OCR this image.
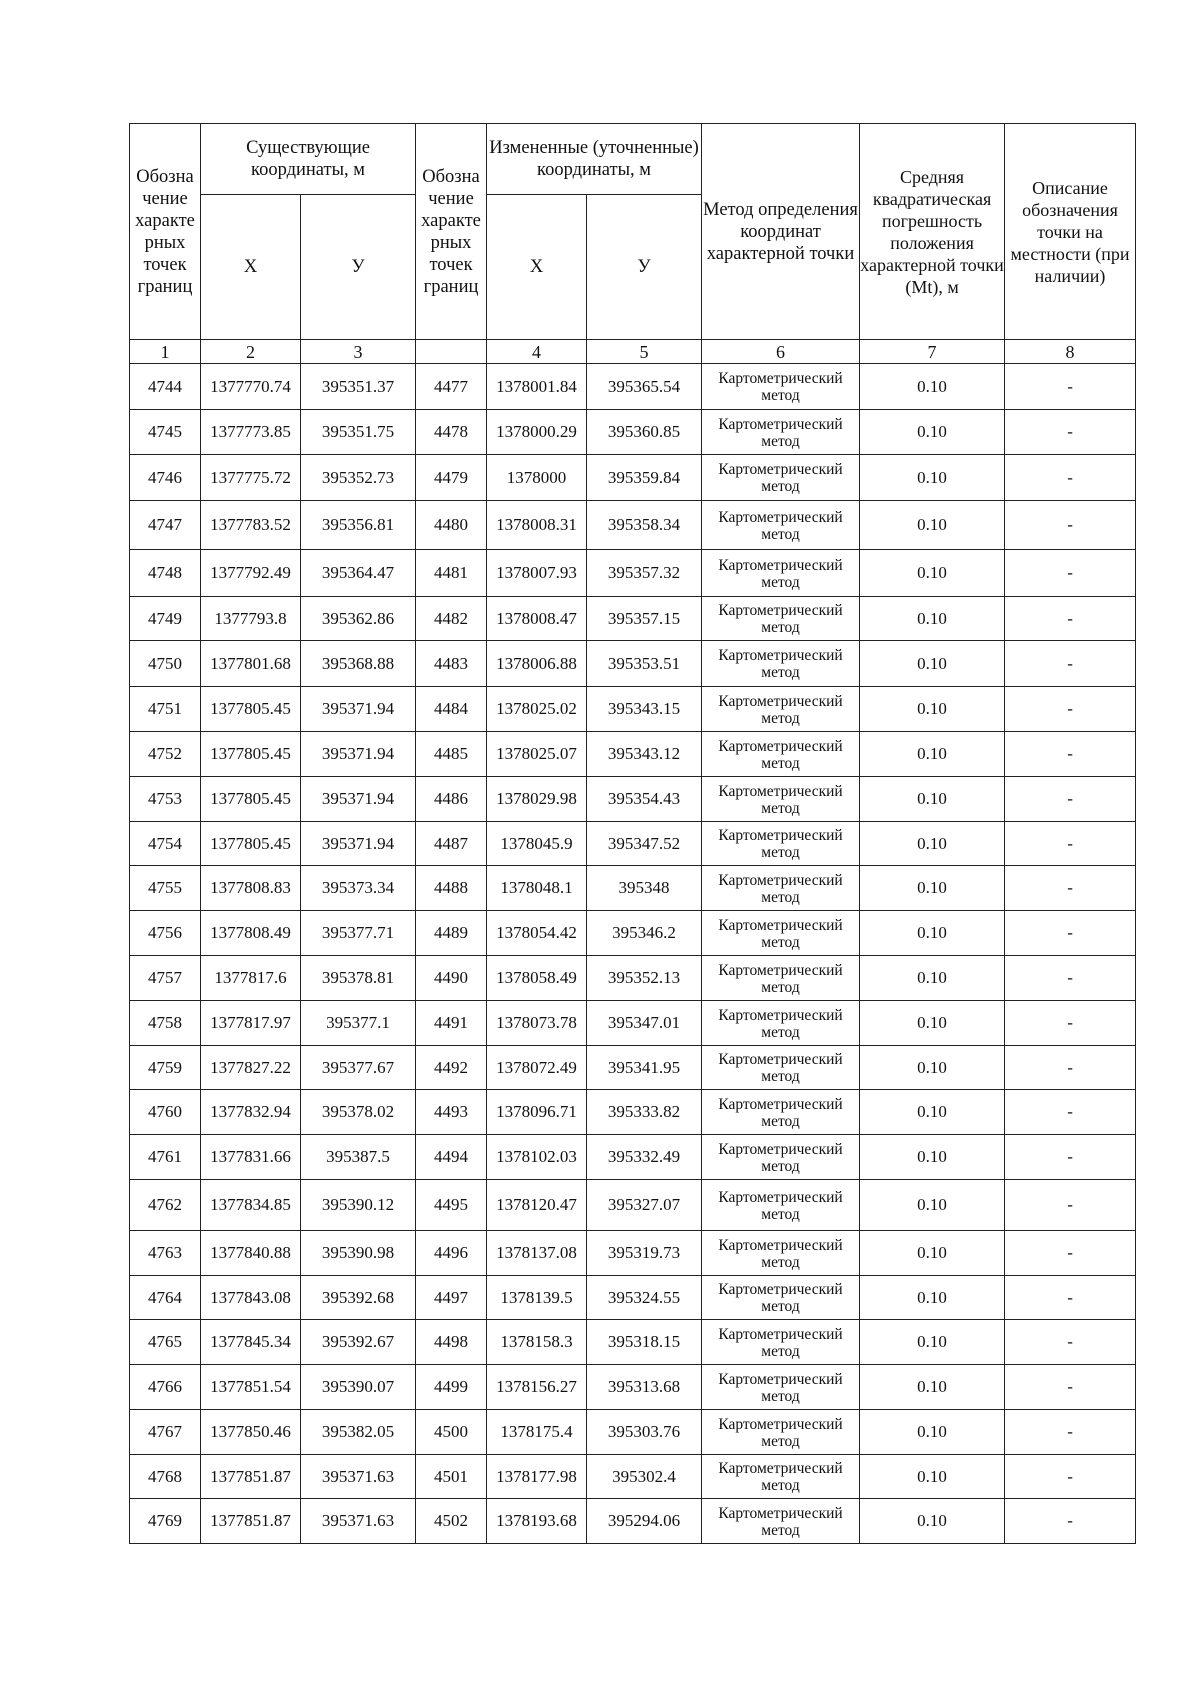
Обозна чение характе рных точек границ	Существующие координаты, м		Обозна чение характе рных точек границ	Измененные (уточненные) координаты, м		Метод определения координат характерной точки	Средняя квадратическая погрешность положения характерной точки (Mt), м	Описание обозначения точки на местности (при наличии)
	Х	У		Х	У			
1	2	3		4	5	6	7	8
4744	1377770.74	395351.37	4477	1378001.84	395365.54	Картометрический метод	0.10	-
4745	1377773.85	395351.75	4478	1378000.29	395360.85	Картометрический метод	0.10	-
4746	1377775.72	395352.73	4479	1378000	395359.84	Картометрический метод	0.10	-
4747	1377783.52	395356.81	4480	1378008.31	395358.34	Картометрический метод	0.10	-
4748	1377792.49	395364.47	4481	1378007.93	395357.32	Картометрический метод	0.10	-
4749	1377793.8	395362.86	4482	1378008.47	395357.15	Картометрический метод	0.10	-
4750	1377801.68	395368.88	4483	1378006.88	395353.51	Картометрический метод	0.10	-
4751	1377805.45	395371.94	4484	1378025.02	395343.15	Картометрический метод	0.10	-
4752	1377805.45	395371.94	4485	1378025.07	395343.12	Картометрический метод	0.10	-
4753	1377805.45	395371.94	4486	1378029.98	395354.43	Картометрический метод	0.10	-
4754	1377805.45	395371.94	4487	1378045.9	395347.52	Картометрический метод	0.10	-
4755	1377808.83	395373.34	4488	1378048.1	395348	Картометрический метод	0.10	-
4756	1377808.49	395377.71	4489	1378054.42	395346.2	Картометрический метод	0.10	-
4757	1377817.6	395378.81	4490	1378058.49	395352.13	Картометрический метод	0.10	-
4758	1377817.97	395377.1	4491	1378073.78	395347.01	Картометрический метод	0.10	-
4759	1377827.22	395377.67	4492	1378072.49	395341.95	Картометрический метод	0.10	-
4760	1377832.94	395378.02	4493	1378096.71	395333.82	Картометрический метод	0.10	-
4761	1377831.66	395387.5	4494	1378102.03	395332.49	Картометрический метод	0.10	-
4762	1377834.85	395390.12	4495	1378120.47	395327.07	Картометрический метод	0.10	-
4763	1377840.88	395390.98	4496	1378137.08	395319.73	Картометрический метод	0.10	-
4764	1377843.08	395392.68	4497	1378139.5	395324.55	Картометрический метод	0.10	-
4765	1377845.34	395392.67	4498	1378158.3	395318.15	Картометрический метод	0.10	-
4766	1377851.54	395390.07	4499	1378156.27	395313.68	Картометрический метод	0.10	-
4767	1377850.46	395382.05	4500	1378175.4	395303.76	Картометрический метод	0.10	-
4768	1377851.87	395371.63	4501	1378177.98	395302.4	Картометрический метод	0.10	-
4769	1377851.87	395371.63	4502	1378193.68	395294.06	Картометрический метод	0.10	-
